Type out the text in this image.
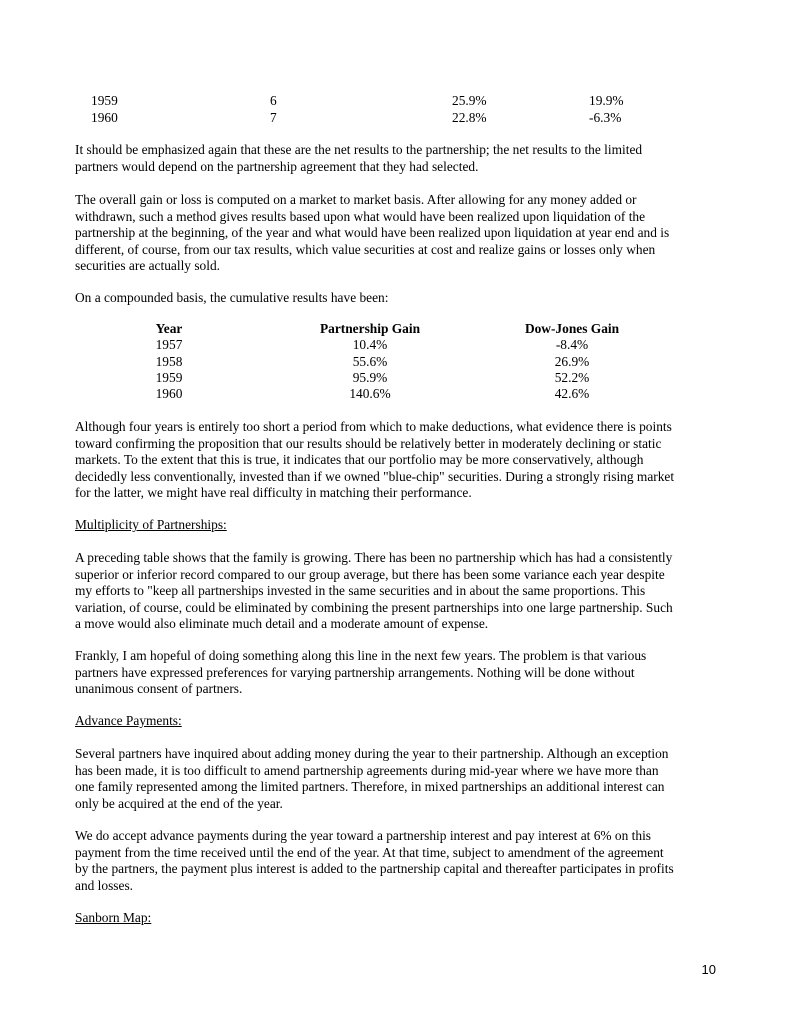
1959	6	25.9%	19.9%
1960	7	22.8%	-6.3%

It should be emphasized again that these are the net results to the partnership; the net results to the limited
partners would depend on the partnership agreement that they had selected.

The overall gain or loss is computed on a market to market basis. After allowing for any money added or
withdrawn, such a method gives results based upon what would have been realized upon liquidation of the
partnership at the beginning, of the year and what would have been realized upon liquidation at year end and is
different, of course, from our tax results, which value securities at cost and realize gains or losses only when
securities are actually sold.

On a compounded basis, the cumulative results have been:

Year	Partnership Gain	Dow-Jones Gain
1957	10.4%	-8.4%
1958	55.6%	26.9%
1959	95.9%	52.2%
1960	140.6%	42.6%

Although four years is entirely too short a period from which to make deductions, what evidence there is points
toward confirming the proposition that our results should be relatively better in moderately declining or static
markets. To the extent that this is true, it indicates that our portfolio may be more conservatively, although
decidedly less conventionally, invested than if we owned "blue-chip" securities. During a strongly rising market
for the latter, we might have real difficulty in matching their performance.

Multiplicity of Partnerships:

A preceding table shows that the family is growing. There has been no partnership which has had a consistently
superior or inferior record compared to our group average, but there has been some variance each year despite
my efforts to "keep all partnerships invested in the same securities and in about the same proportions. This
variation, of course, could be eliminated by combining the present partnerships into one large partnership. Such
a move would also eliminate much detail and a moderate amount of expense.

Frankly, I am hopeful of doing something along this line in the next few years. The problem is that various
partners have expressed preferences for varying partnership arrangements. Nothing will be done without
unanimous consent of partners.

Advance Payments:

Several partners have inquired about adding money during the year to their partnership. Although an exception
has been made, it is too difficult to amend partnership agreements during mid-year where we have more than
one family represented among the limited partners. Therefore, in mixed partnerships an additional interest can
only be acquired at the end of the year.

We do accept advance payments during the year toward a partnership interest and pay interest at 6% on this
payment from the time received until the end of the year. At that time, subject to amendment of the agreement
by the partners, the payment plus interest is added to the partnership capital and thereafter participates in profits
and losses.

Sanborn Map:

10
